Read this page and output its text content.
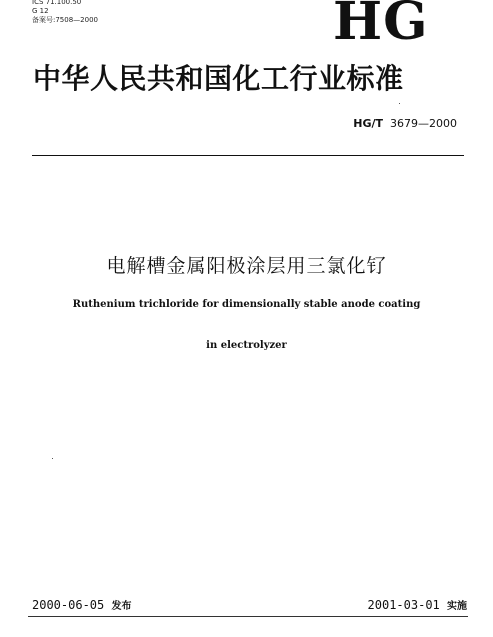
ICS 71.100.50
G 12
备案号:7508—2000	HG
中华人民共和国化工行业标准
HG/T 3679—2000
电解槽金属阳极涂层用三氯化钌
Ruthenium trichloride for dimensionally stable anode coating
in electrolyzer
2000-06-05 发布	2001-03-01 实施
